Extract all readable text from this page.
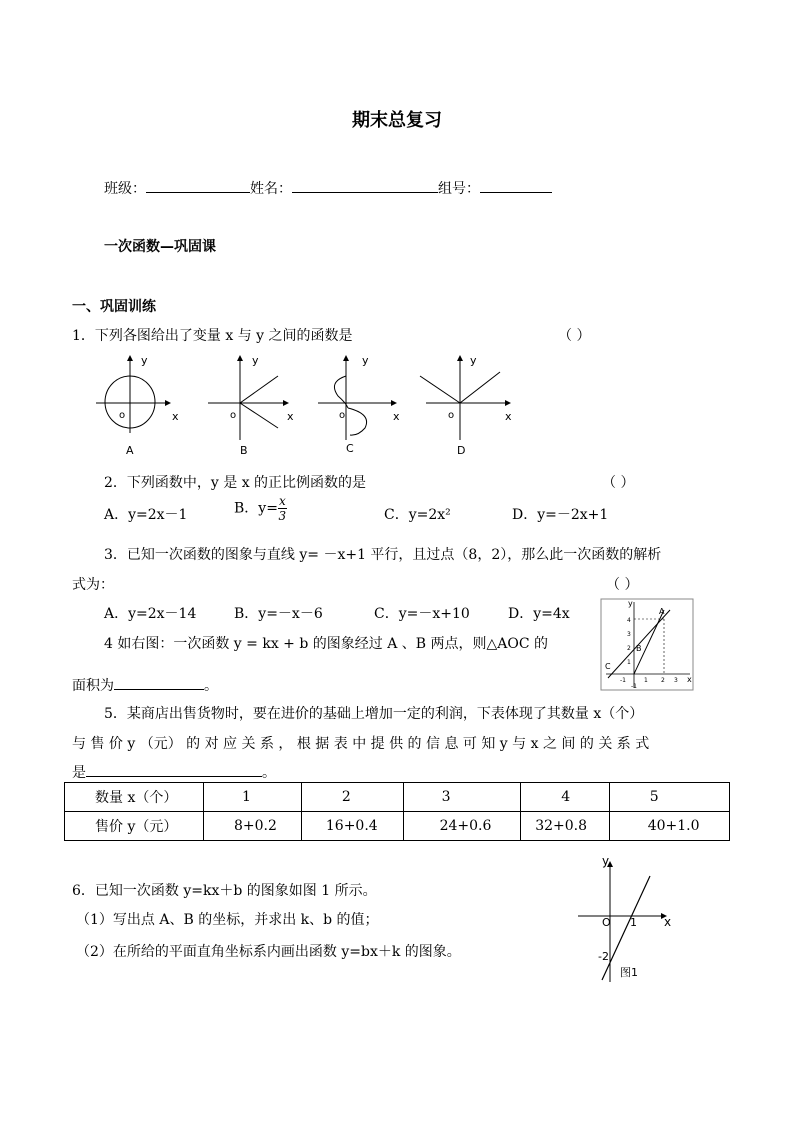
期末总复习
班级：	姓名：	组号：
一次函数—巩固课
一、巩固训练
1．下列各图给出了变量 x 与 y 之间的函数是	（ ）
y
x
o
A
y
x
o
B
y
x
o
C
y
x
o
D
2．下列函数中，y 是 x 的正比例函数的是	（ ）
A．y=2x－1	B．$y= \frac{x}{3}$	C．y=2x²	D．y=－2x+1
3．已知一次函数的图象与直线 y= －x+1 平行，且过点（8，2），那么此一次函数的解析
式为：	（ ）
A．y=2x－14	B．y=－x－6	C．y=－x+10	D．y=4x
4 如右图：一次函数 y = kx + b 的图象经过 A 、B 两点，则△AOC 的
面积为	。
y
x
A
B
C
4
3
2
1
-1	1 2 3
-1
5．某商店出售货物时，要在进价的基础上增加一定的利润，下表体现了其数量 x（个）
与 售 价 y （元） 的 对 应 关 系 ， 根 据 表 中 提 供 的 信 息 可 知 y 与 x 之 间 的 关 系 式
是	。
数量 x（个）	1	2	3	4	5
售价 y（元）	8+0.2	16+0.4	24+0.6	32+0.8	40+1.0
6．已知一次函数 y=kx＋b 的图象如图 1 所示。
（1）写出点 A、B 的坐标，并求出 k、b 的值；
（2）在所给的平面直角坐标系内画出函数 y=bx＋k 的图象。
y
x
O 1
-2
图1
